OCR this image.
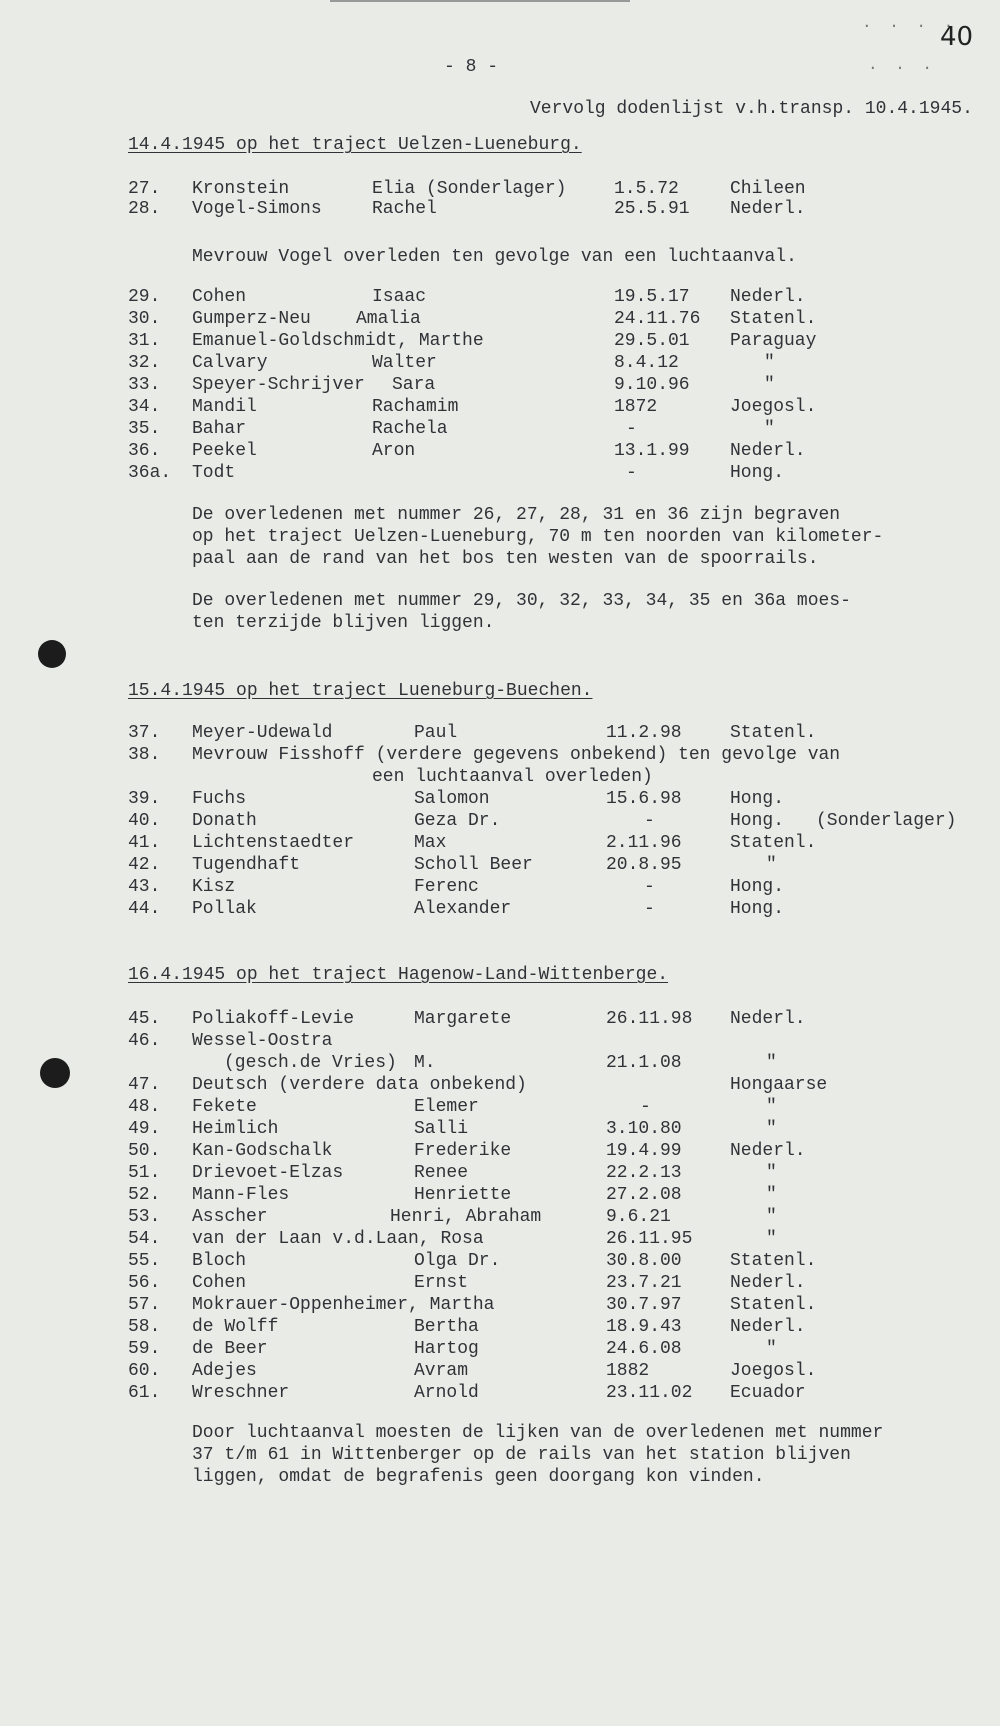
. . . .
. . .
40
- 8 -
Vervolg dodenlijst v.h.transp. 10.4.1945.
14.4.1945 op het traject Uelzen-Lueneburg.
27. Kronstein	Elia (Sonderlager)	1.5.72	Chileen
28. Vogel-Simons	Rachel	25.5.91 Nederl.
Mevrouw Vogel overleden ten gevolge van een luchtaanval.
29. Cohen	Isaac	19.5.17 Nederl.
30. Gumperz-Neu	Amalia	24.11.76 Statenl.
31. Emanuel-Goldschmidt, Marthe	29.5.01 Paraguay
32. Calvary	Walter	8.4.12	"
33. Speyer-Schrijver Sara	9.10.96	"
34. Mandil	Rachamim	1872	Joegosl.
35. Bahar	Rachela	-	"
36. Peekel	Aron	13.1.99 Nederl.
36a. Todt	-	Hong.
De overledenen met nummer 26, 27, 28, 31 en 36 zijn begraven
op het traject Uelzen-Lueneburg, 70 m ten noorden van kilometer-
paal aan de rand van het bos ten westen van de spoorrails.
De overledenen met nummer 29, 30, 32, 33, 34, 35 en 36a moes-
ten terzijde blijven liggen.
15.4.1945 op het traject Lueneburg-Buechen.
37. Meyer-Udewald	Paul	11.2.98	Statenl.
38. Mevrouw Fisshoff (verdere gegevens onbekend) ten gevolge van
een luchtaanval overleden)
39. Fuchs	Salomon	15.6.98	Hong.
40. Donath	Geza Dr.	-	Hong. (Sonderlager)
41. Lichtenstaedter	Max	2.11.96	Statenl.
42. Tugendhaft	Scholl Beer	20.8.95	"
43. Kisz	Ferenc	-	Hong.
44. Pollak	Alexander	-	Hong.
16.4.1945 op het traject Hagenow-Land-Wittenberge.
45. Poliakoff-Levie	Margarete	26.11.98 Nederl.
46. Wessel-Oostra
(gesch.de Vries) M.	21.1.08	"
47. Deutsch (verdere data onbekend)	Hongaarse
48. Fekete	Elemer	-	"
49. Heimlich	Salli	3.10.80	"
50. Kan-Godschalk	Frederike	19.4.99	Nederl.
51. Drievoet-Elzas	Renee	22.2.13	"
52. Mann-Fles	Henriette	27.2.08	"
53. Asscher	Henri, Abraham	9.6.21	"
54. van der Laan v.d.Laan, Rosa	26.11.95	"
55. Bloch	Olga Dr.	30.8.00	Statenl.
56. Cohen	Ernst	23.7.21	Nederl.
57. Mokrauer-Oppenheimer, Martha	30.7.97	Statenl.
58. de Wolff	Bertha	18.9.43	Nederl.
59. de Beer	Hartog	24.6.08	"
60. Adejes	Avram	1882	Joegosl.
61. Wreschner	Arnold	23.11.02 Ecuador
Door luchtaanval moesten de lijken van de overledenen met nummer
37 t/m 61 in Wittenberger op de rails van het station blijven
liggen, omdat de begrafenis geen doorgang kon vinden.
